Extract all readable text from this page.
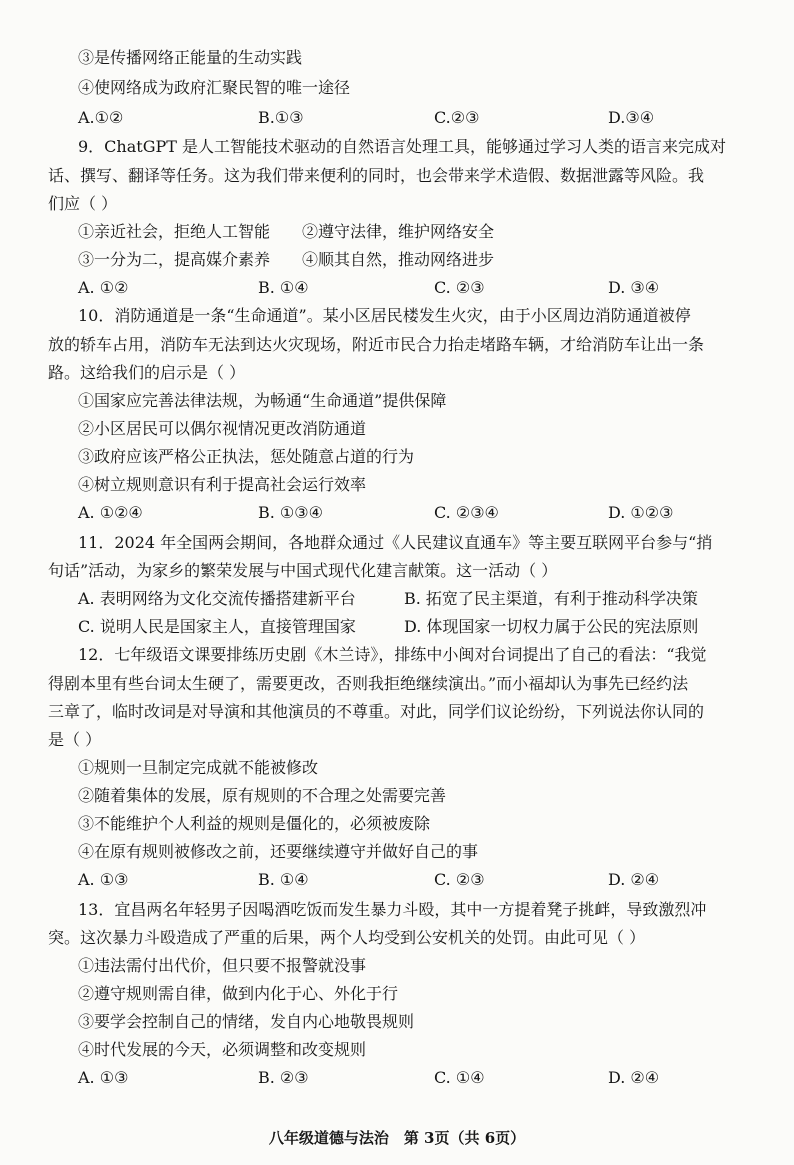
③是传播网络正能量的生动实践
④使网络成为政府汇聚民智的唯一途径
A.①②	B.①③	C.②③	D.③④
9．ChatGPT 是人工智能技术驱动的自然语言处理工具，能够通过学习人类的语言来完成对
话、撰写、翻译等任务。这为我们带来便利的同时，也会带来学术造假、数据泄露等风险。我
们应（ ）
①亲近社会，拒绝人工智能　　②遵守法律，维护网络安全
③一分为二，提高媒介素养　　④顺其自然，推动网络进步
A. ①②	B. ①④	C. ②③	D. ③④
10．消防通道是一条“生命通道”。某小区居民楼发生火灾，由于小区周边消防通道被停
放的轿车占用，消防车无法到达火灾现场，附近市民合力抬走堵路车辆，才给消防车让出一条
路。这给我们的启示是（ ）
①国家应完善法律法规，为畅通“生命通道”提供保障
②小区居民可以偶尔视情况更改消防通道
③政府应该严格公正执法，惩处随意占道的行为
④树立规则意识有利于提高社会运行效率
A. ①②④	B. ①③④	C. ②③④	D. ①②③
11．2024 年全国两会期间，各地群众通过《人民建议直通车》等主要互联网平台参与“捎
句话”活动，为家乡的繁荣发展与中国式现代化建言献策。这一活动（ ）
A. 表明网络为文化交流传播搭建新平台	B. 拓宽了民主渠道，有利于推动科学决策
C. 说明人民是国家主人，直接管理国家	D. 体现国家一切权力属于公民的宪法原则
12．七年级语文课要排练历史剧《木兰诗》，排练中小闽对台词提出了自己的看法：“我觉
得剧本里有些台词太生硬了，需要更改，否则我拒绝继续演出。”而小福却认为事先已经约法
三章了，临时改词是对导演和其他演员的不尊重。对此，同学们议论纷纷，下列说法你认同的
是（ ）
①规则一旦制定完成就不能被修改
②随着集体的发展，原有规则的不合理之处需要完善
③不能维护个人利益的规则是僵化的，必须被废除
④在原有规则被修改之前，还要继续遵守并做好自己的事
A. ①③	B. ①④	C. ②③	D. ②④
13．宜昌两名年轻男子因喝酒吃饭而发生暴力斗殴，其中一方提着凳子挑衅，导致激烈冲
突。这次暴力斗殴造成了严重的后果，两个人均受到公安机关的处罚。由此可见（ ）
①违法需付出代价，但只要不报警就没事
②遵守规则需自律，做到内化于心、外化于行
③要学会控制自己的情绪，发自内心地敬畏规则
④时代发展的今天，必须调整和改变规则
A. ①③	B. ②③	C. ①④	D. ②④
八年级道德与法治　第 3页（共 6页）
